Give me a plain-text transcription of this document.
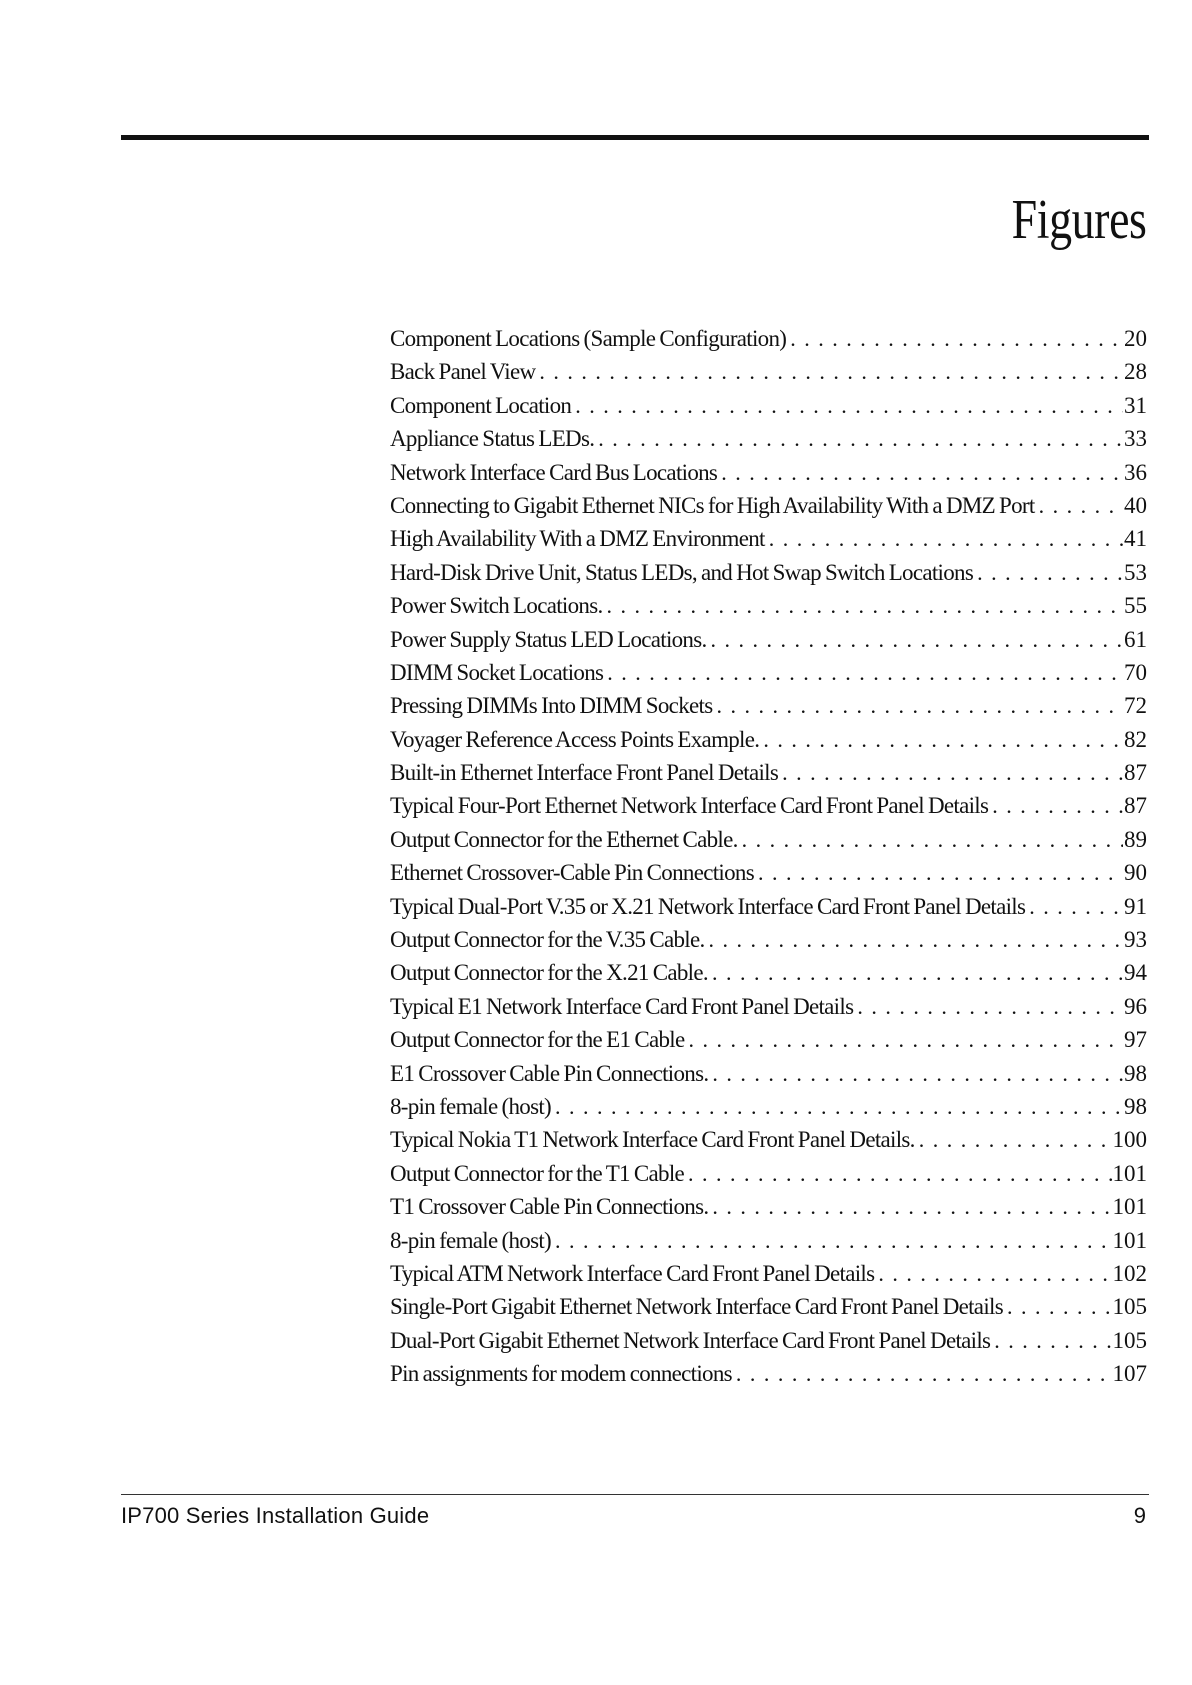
Figures
Component Locations (Sample Configuration) . . .	20
Back Panel View . . .	28
Component Location . . .	31
Appliance Status LEDs. . . .	33
Network Interface Card Bus Locations . . .	36
Connecting to Gigabit Ethernet NICs for High Availability With a DMZ Port . . .	40
High Availability With a DMZ Environment . . .	41
Hard-Disk Drive Unit, Status LEDs, and Hot Swap Switch Locations . . .	53
Power Switch Locations. . . .	55
Power Supply Status LED Locations. . . .	61
DIMM Socket Locations . . .	70
Pressing DIMMs Into DIMM Sockets . . .	72
Voyager Reference Access Points Example. . . .	82
Built-in Ethernet Interface Front Panel Details . . .	87
Typical Four-Port Ethernet Network Interface Card Front Panel Details . . .	87
Output Connector for the Ethernet Cable. . . .	89
Ethernet Crossover-Cable Pin Connections . . .	90
Typical Dual-Port V.35 or X.21 Network Interface Card Front Panel Details . . .	91
Output Connector for the V.35 Cable. . . .	93
Output Connector for the X.21 Cable. . . .	94
Typical E1 Network Interface Card Front Panel Details . . .	96
Output Connector for the E1 Cable . . .	97
E1 Crossover Cable Pin Connections. . . .	98
8-pin female (host) . . .	98
Typical Nokia T1 Network Interface Card Front Panel Details. . . .	100
Output Connector for the T1 Cable . . .	101
T1 Crossover Cable Pin Connections. . . .	101
8-pin female (host) . . .	101
Typical ATM Network Interface Card Front Panel Details . . .	102
Single-Port Gigabit Ethernet Network Interface Card Front Panel Details . . .	105
Dual-Port Gigabit Ethernet Network Interface Card Front Panel Details . . .	105
Pin assignments for modem connections . . .	107
IP700 Series Installation Guide	9
